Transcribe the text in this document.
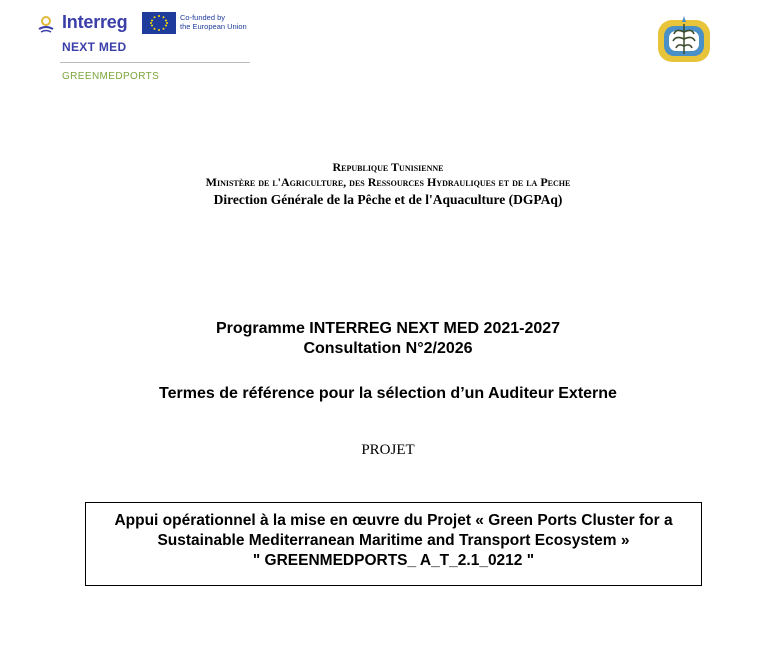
Interreg	Co-funded by
the European Union
NEXT MED
GREENMEDPORTS
Republique Tunisienne
Ministère de l'Agriculture, des Ressources Hydrauliques et de la Peche
Direction Générale de la Pêche et de l'Aquaculture (DGPAq)
Programme INTERREG NEXT MED 2021-2027
Consultation N°2/2026
Termes de référence pour la sélection d’un Auditeur Externe
PROJET
Appui opérationnel à la mise en œuvre du Projet « Green Ports Cluster for a
Sustainable Mediterranean Maritime and Transport Ecosystem »
" GREENMEDPORTS_ A_T_2.1_0212 "
